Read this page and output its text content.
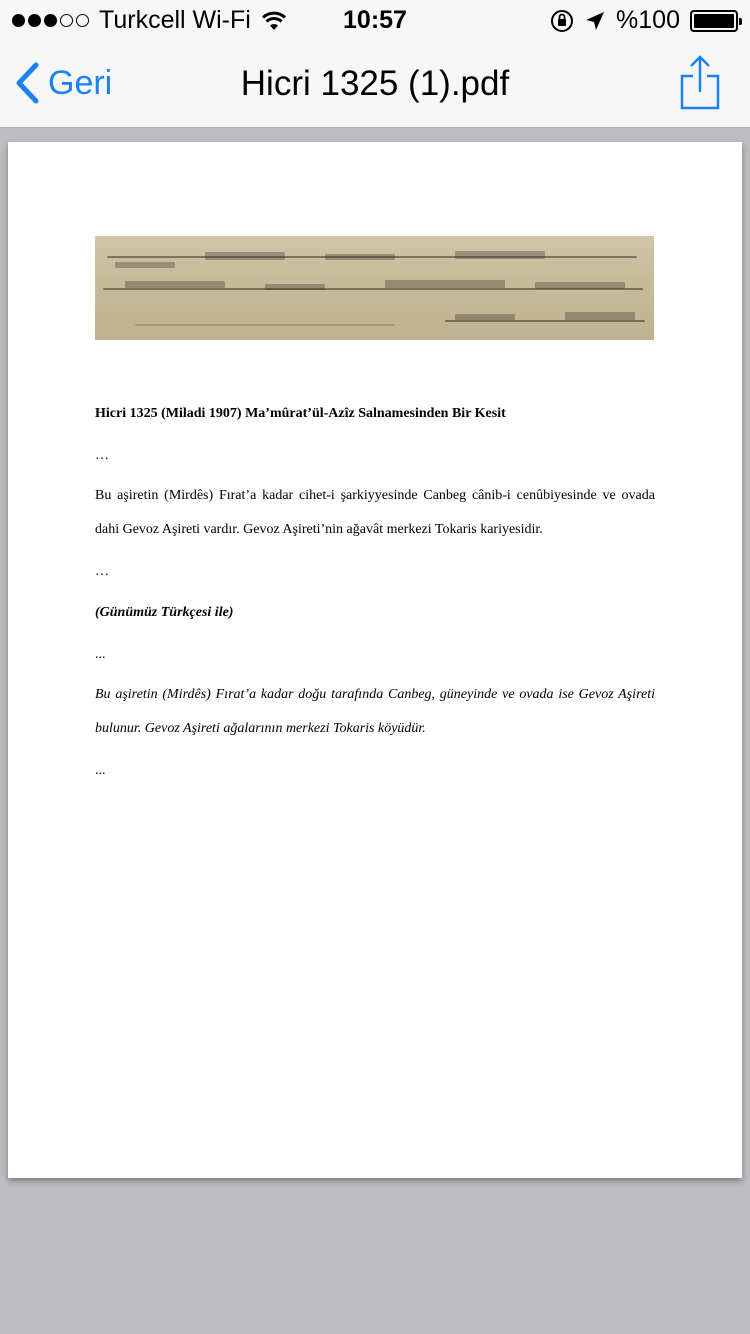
Turkcell Wi-Fi	10:57	%100
Geri	Hicri 1325 (1).pdf
Hicri 1325 (Miladi 1907) Ma’mûrat’ül-Azîz Salnamesinden Bir Kesit
…
Bu aşiretin (Mirdês) Fırat’a kadar cihet-i şarkiyyesinde Canbeg cânib-i cenûbiyesinde ve ovada dahi Gevoz Aşireti vardır. Gevoz Aşireti’nin ağavât merkezi Tokaris kariyesidir.
…
(Günümüz Türkçesi ile)
...
Bu aşiretin (Mirdês) Fırat’a kadar doğu tarafında Canbeg, güneyinde ve ovada ise Gevoz Aşireti bulunur. Gevoz Aşireti ağalarının merkezi Tokaris köyüdür.
...
